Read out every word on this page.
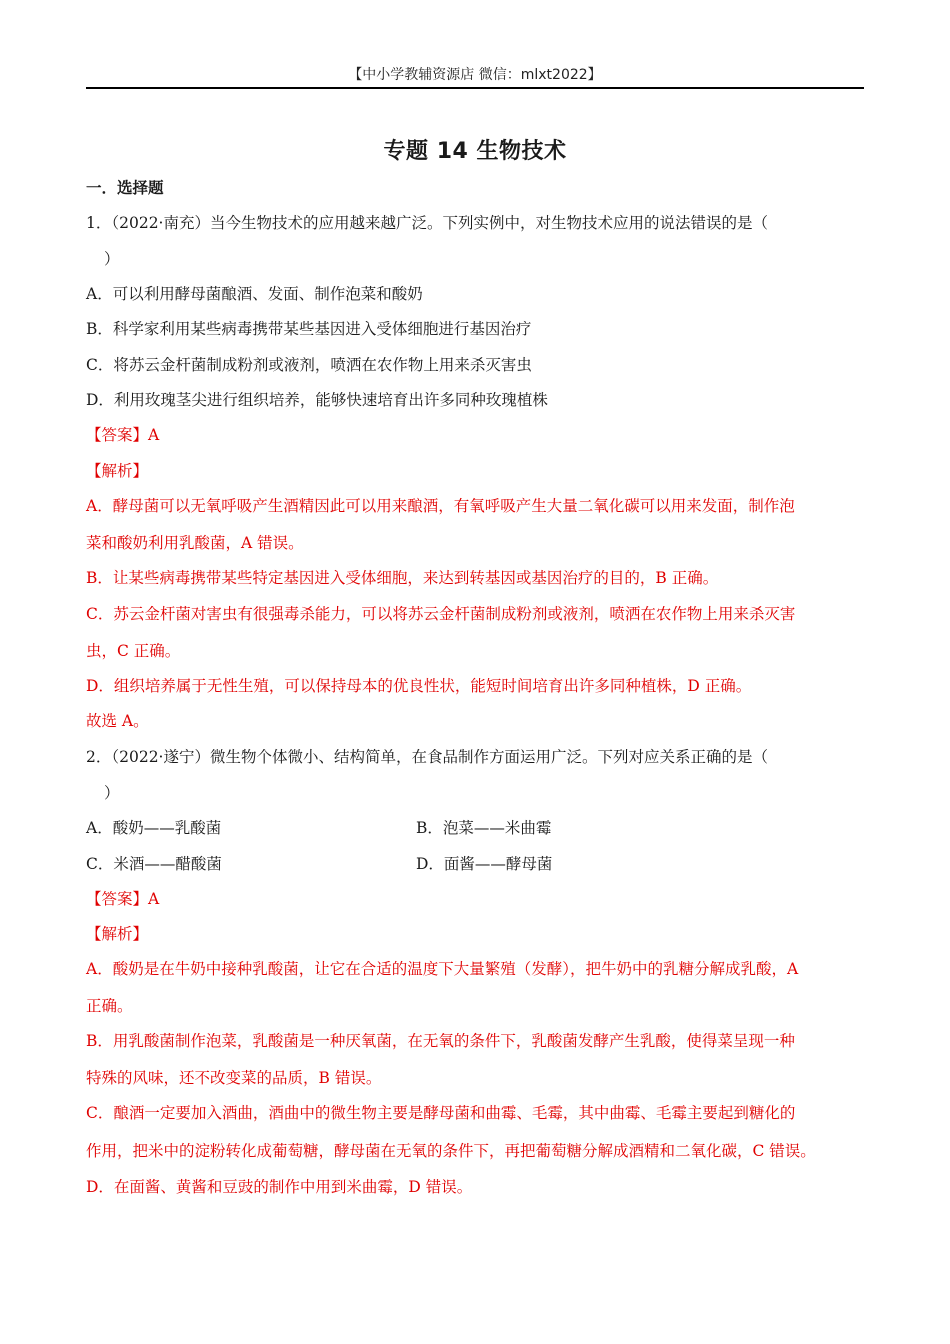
【中小学教辅资源店 微信：mlxt2022】
专题 14 生物技术
一．选择题
1．（2022·南充）当今生物技术的应用越来越广泛。下列实例中，对生物技术应用的说法错误的是（
）
A．可以利用酵母菌酿酒、发面、制作泡菜和酸奶
B．科学家利用某些病毒携带某些基因进入受体细胞进行基因治疗
C．将苏云金杆菌制成粉剂或液剂，喷洒在农作物上用来杀灭害虫
D．利用玫瑰茎尖进行组织培养，能够快速培育出许多同种玫瑰植株
【答案】A
【解析】
A．酵母菌可以无氧呼吸产生酒精因此可以用来酿酒，有氧呼吸产生大量二氧化碳可以用来发面，制作泡
菜和酸奶利用乳酸菌，A 错误。
B．让某些病毒携带某些特定基因进入受体细胞，来达到转基因或基因治疗的目的，B 正确。
C．苏云金杆菌对害虫有很强毒杀能力，可以将苏云金杆菌制成粉剂或液剂，喷洒在农作物上用来杀灭害
虫，C 正确。
D．组织培养属于无性生殖，可以保持母本的优良性状，能短时间培育出许多同种植株，D 正确。
故选 A。
2．（2022·遂宁）微生物个体微小、结构简单，在食品制作方面运用广泛。下列对应关系正确的是（
）
A．酸奶——乳酸菌	B．泡菜——米曲霉
C．米酒——醋酸菌	D．面酱——酵母菌
【答案】A
【解析】
A．酸奶是在牛奶中接种乳酸菌，让它在合适的温度下大量繁殖（发酵），把牛奶中的乳糖分解成乳酸，A
正确。
B．用乳酸菌制作泡菜，乳酸菌是一种厌氧菌，在无氧的条件下，乳酸菌发酵产生乳酸，使得菜呈现一种
特殊的风味，还不改变菜的品质，B 错误。
C．酿酒一定要加入酒曲，酒曲中的微生物主要是酵母菌和曲霉、毛霉，其中曲霉、毛霉主要起到糖化的
作用，把米中的淀粉转化成葡萄糖，酵母菌在无氧的条件下，再把葡萄糖分解成酒精和二氧化碳，C 错误。
D．在面酱、黄酱和豆豉的制作中用到米曲霉，D 错误。
